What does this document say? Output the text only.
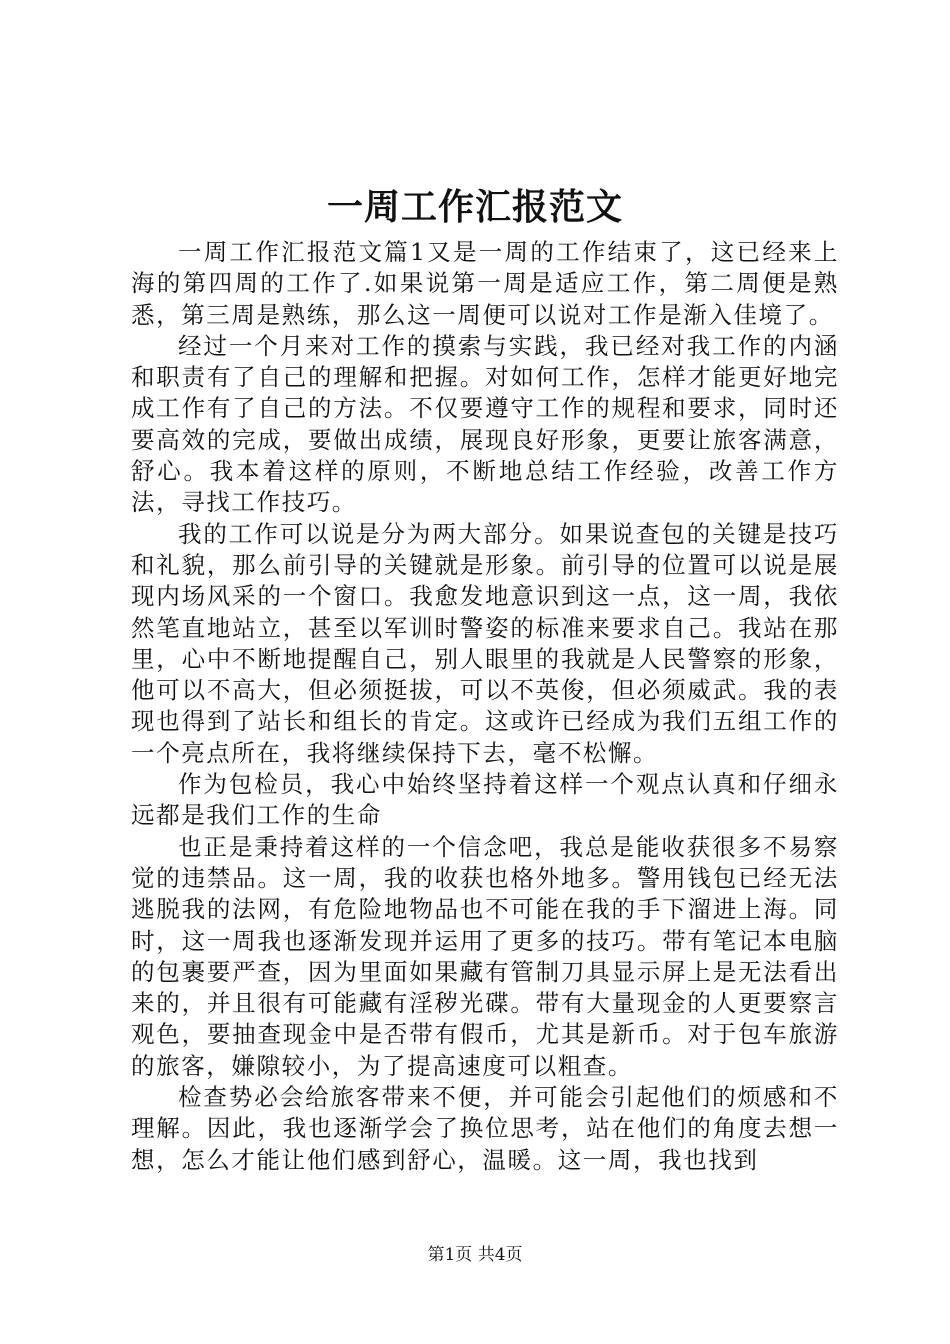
一周工作汇报范文

一周工作汇报范文篇1又是一周的工作结束了，这已经来上海的第四周的工作了.如果说第一周是适应工作，第二周便是熟悉，第三周是熟练，那么这一周便可以说对工作是渐入佳境了。

经过一个月来对工作的摸索与实践，我已经对我工作的内涵和职责有了自己的理解和把握。对如何工作，怎样才能更好地完成工作有了自己的方法。不仅要遵守工作的规程和要求，同时还要高效的完成，要做出成绩，展现良好形象，更要让旅客满意，舒心。我本着这样的原则，不断地总结工作经验，改善工作方法，寻找工作技巧。

我的工作可以说是分为两大部分。如果说查包的关键是技巧和礼貌，那么前引导的关键就是形象。前引导的位置可以说是展现内场风采的一个窗口。我愈发地意识到这一点，这一周，我依然笔直地站立，甚至以军训时警姿的标准来要求自己。我站在那里，心中不断地提醒自己，别人眼里的我就是人民警察的形象，他可以不高大，但必须挺拔，可以不英俊，但必须威武。我的表现也得到了站长和组长的肯定。这或许已经成为我们五组工作的一个亮点所在，我将继续保持下去，毫不松懈。

作为包检员，我心中始终坚持着这样一个观点认真和仔细永远都是我们工作的生命

也正是秉持着这样的一个信念吧，我总是能收获很多不易察觉的违禁品。这一周，我的收获也格外地多。警用钱包已经无法逃脱我的法网，有危险地物品也不可能在我的手下溜进上海。同时，这一周我也逐渐发现并运用了更多的技巧。带有笔记本电脑的包裹要严查，因为里面如果藏有管制刀具显示屏上是无法看出来的，并且很有可能藏有淫秽光碟。带有大量现金的人更要察言观色，要抽查现金中是否带有假币，尤其是新币。对于包车旅游的旅客，嫌隙较小，为了提高速度可以粗查。

检查势必会给旅客带来不便，并可能会引起他们的烦感和不理解。因此，我也逐渐学会了换位思考，站在他们的角度去想一想，怎么才能让他们感到舒心，温暖。这一周，我也找到

第1页 共4页
